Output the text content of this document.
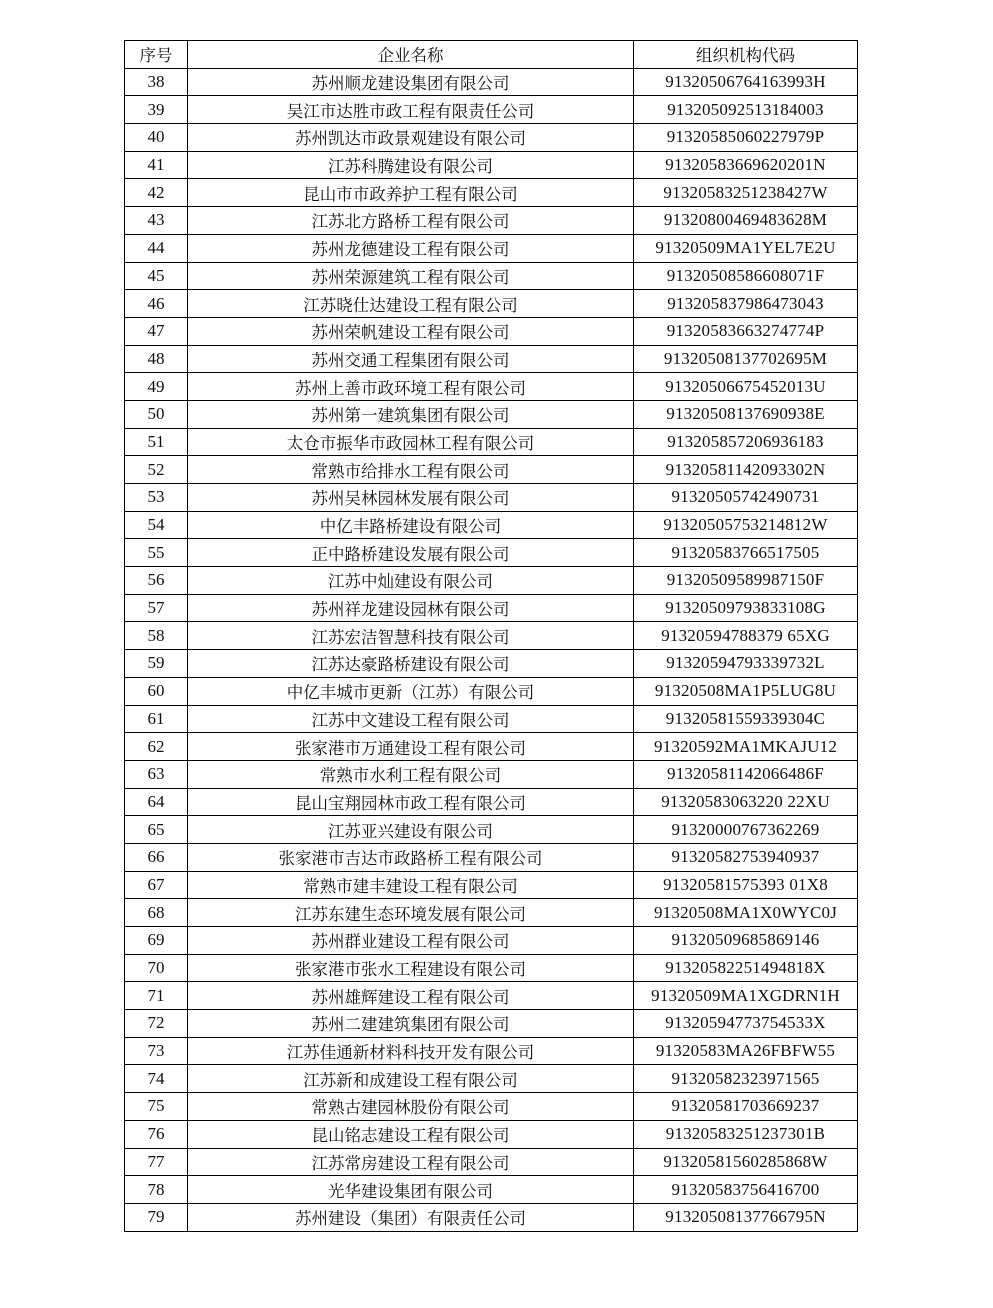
序号	企业名称	组织机构代码
38	苏州顺龙建设集团有限公司	91320506764163993H
39	吴江市达胜市政工程有限责任公司	91320509251318400З
40	苏州凯达市政景观建设有限公司	91320585060227979P
41	江苏科腾建设有限公司	91320583669620201N
42	昆山市市政养护工程有限公司	91320583251238427W
43	江苏北方路桥工程有限公司	91320800469483628M
44	苏州龙德建设工程有限公司	91320509MA1YEL7E2U
45	苏州荣源建筑工程有限公司	91320508586608071F
46	江苏晓仕达建设工程有限公司	91320583798647304З
47	苏州荣帆建设工程有限公司	91320583663274774P
48	苏州交通工程集团有限公司	91320508137702695M
49	苏州上善市政环境工程有限公司	91320506675452013U
50	苏州第一建筑集团有限公司	91320508137690938E
51	太仓市振华市政园林工程有限公司	91320585720693618З
52	常熟市给排水工程有限公司	91320581142093302N
53	苏州吴林园林发展有限公司	91320505742490731
54	中亿丰路桥建设有限公司	91320505753214812W
55	正中路桥建设发展有限公司	91320583766517505
56	江苏中灿建设有限公司	91320509589987150F
57	苏州祥龙建设园林有限公司	91320509793833108G
58	江苏宏洁智慧科技有限公司	91320594788379 65XG
59	江苏达豪路桥建设有限公司	91320594793339732L
60	中亿丰城市更新（江苏）有限公司	91320508MA1P5LUG8U
61	江苏中文建设工程有限公司	91320581559339304C
62	张家港市万通建设工程有限公司	91320592MA1MKAJU12
63	常熟市水利工程有限公司	91320581142066486F
64	昆山宝翔园林市政工程有限公司	91320583063220 22XU
65	江苏亚兴建设有限公司	91320000767362269
66	张家港市吉达市政路桥工程有限公司	91320582753940937
67	常熟市建丰建设工程有限公司	91320581575393 01X8
68	江苏东建生态环境发展有限公司	91320508MA1X0WYC0J
69	苏州群业建设工程有限公司	91320509685869146
70	张家港市张水工程建设有限公司	91320582251494818X
71	苏州雄辉建设工程有限公司	91320509MA1XGDRN1H
72	苏州二建建筑集团有限公司	91320594773754533X
73	江苏佳通新材料科技开发有限公司	91320583MA26FBFW55
74	江苏新和成建设工程有限公司	91320582323971565
75	常熟古建园林股份有限公司	91320581703669237
76	昆山铭志建设工程有限公司	91320583251237301B
77	江苏常房建设工程有限公司	91320581560285868W
78	光华建设集团有限公司	91320583756416700
79	苏州建设（集团）有限责任公司	91320508137766795N
